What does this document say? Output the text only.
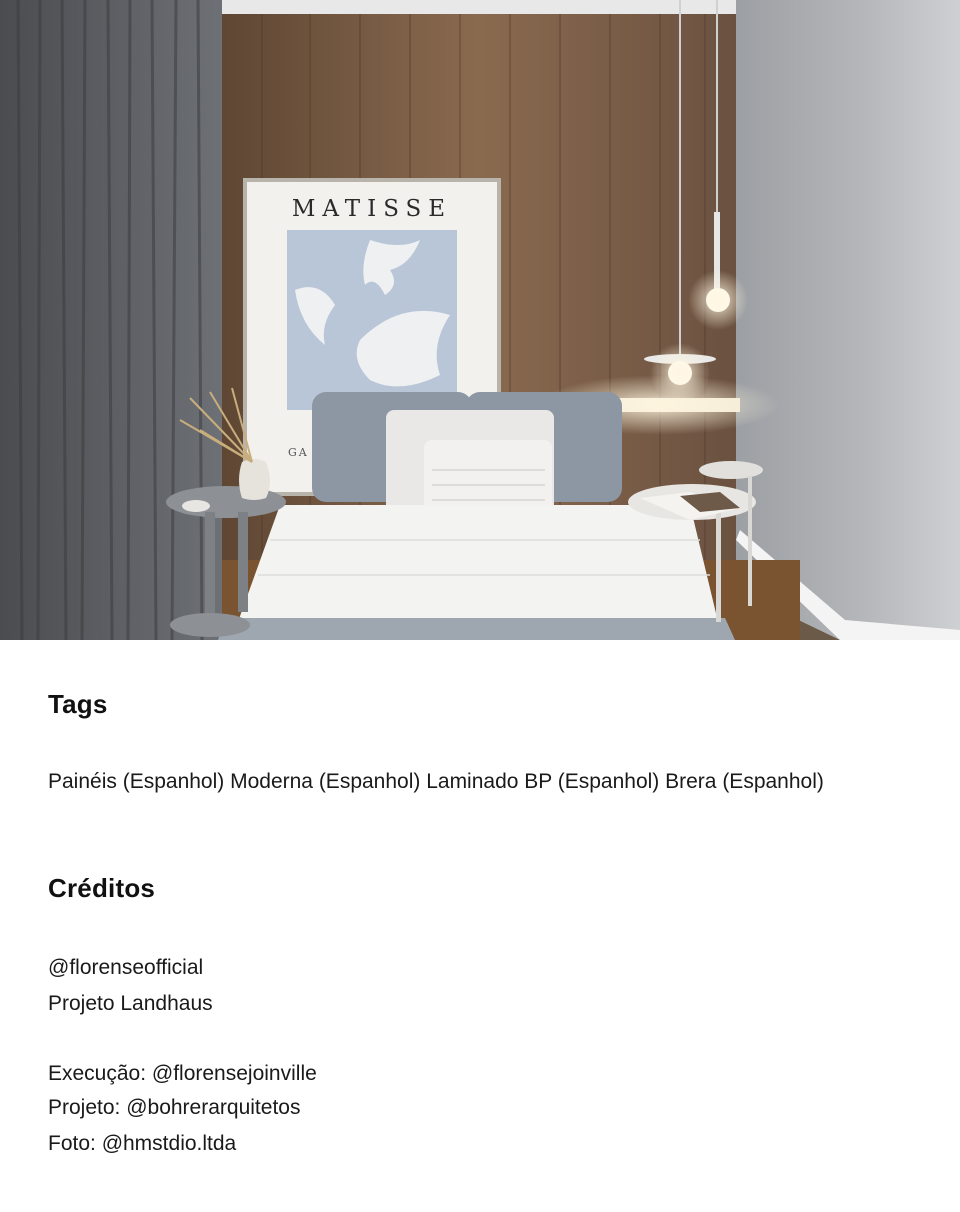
MATISSE
GA
Tags
Painéis (Espanhol) Moderna (Espanhol) Laminado BP (Espanhol) Brera (Espanhol)
Créditos
@florenseofficial
Projeto Landhaus
Execução: @florensejoinville
Projeto: @bohrerarquitetos
Foto: @hmstdio.ltda
